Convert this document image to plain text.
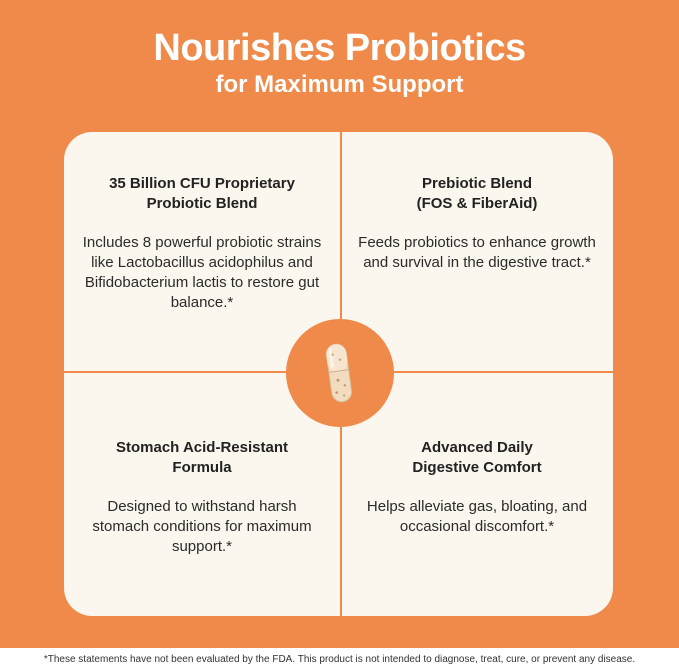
Nourishes Probiotics
for Maximum Support
35 Billion CFU Proprietary
Probiotic Blend
Includes 8 powerful probiotic strains like Lactobacillus acidophilus and Bifidobacterium lactis to restore gut balance.*
Prebiotic Blend
(FOS & FiberAid)
Feeds probiotics to enhance growth and survival in the digestive tract.*
Stomach Acid-Resistant
Formula
Designed to withstand harsh stomach conditions for maximum support.*
Advanced Daily
Digestive Comfort
Helps alleviate gas, bloating, and occasional discomfort.*
*These statements have not been evaluated by the FDA. This product is not intended to diagnose, treat, cure, or prevent any disease.
